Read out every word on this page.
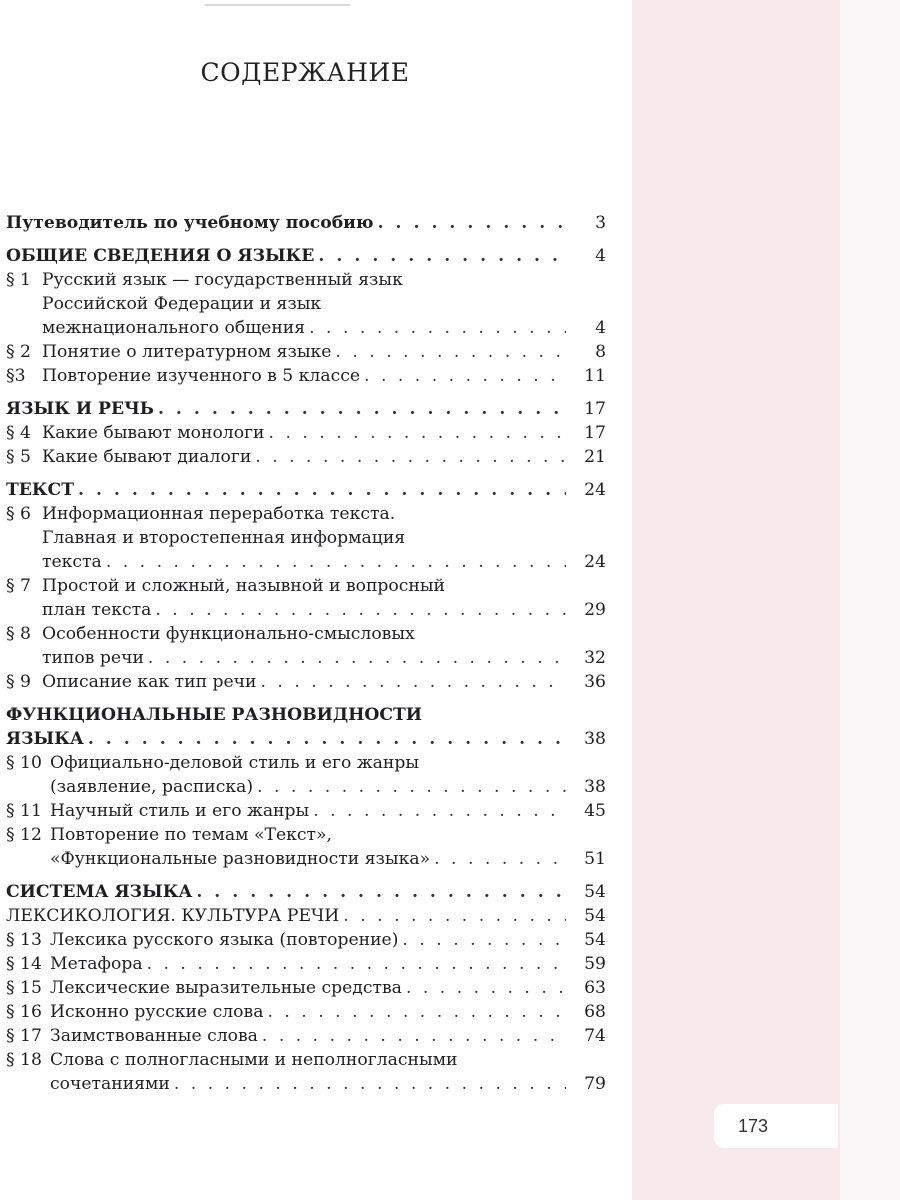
СОДЕРЖАНИЕ
Путеводитель по учебному пособию . . .	3
ОБЩИЕ СВЕДЕНИЯ О ЯЗЫКЕ . . .	4
§ 1 Русский язык — государственный язык
Российской Федерации и язык
межнационального общения . . .	4
§ 2 Понятие о литературном языке . . .	8
§3 Повторение изученного в 5 классе . . .	11
ЯЗЫК И РЕЧЬ . . .	17
§ 4 Какие бывают монологи . . .	17
§ 5 Какие бывают диалоги . . .	21
ТЕКСТ . . .	24
§ 6 Информационная переработка текста.
Главная и второстепенная информация
текста . . .	24
§ 7 Простой и сложный, назывной и вопросный
план текста . . .	29
§ 8 Особенности функционально-смысловых
типов речи . . .	32
§ 9 Описание как тип речи . . .	36
ФУНКЦИОНАЛЬНЫЕ РАЗНОВИДНОСТИ
ЯЗЫКА . . .	38
§ 10 Официально-деловой стиль и его жанры
(заявление, расписка) . . .	38
§ 11 Научный стиль и его жанры . . .	45
§ 12 Повторение по темам «Текст»,
«Функциональные разновидности языка» . . .	51
СИСТЕМА ЯЗЫКА . . .	54
ЛЕКСИКОЛОГИЯ. КУЛЬТУРА РЕЧИ . . .	54
§ 13 Лексика русского языка (повторение) . . .	54
§ 14 Метафора . . .	59
§ 15 Лексические выразительные средства . . .	63
§ 16 Исконно русские слова . . .	68
§ 17 Заимствованные слова . . .	74
§ 18 Слова с полногласными и неполногласными
сочетаниями . . .	79
173
